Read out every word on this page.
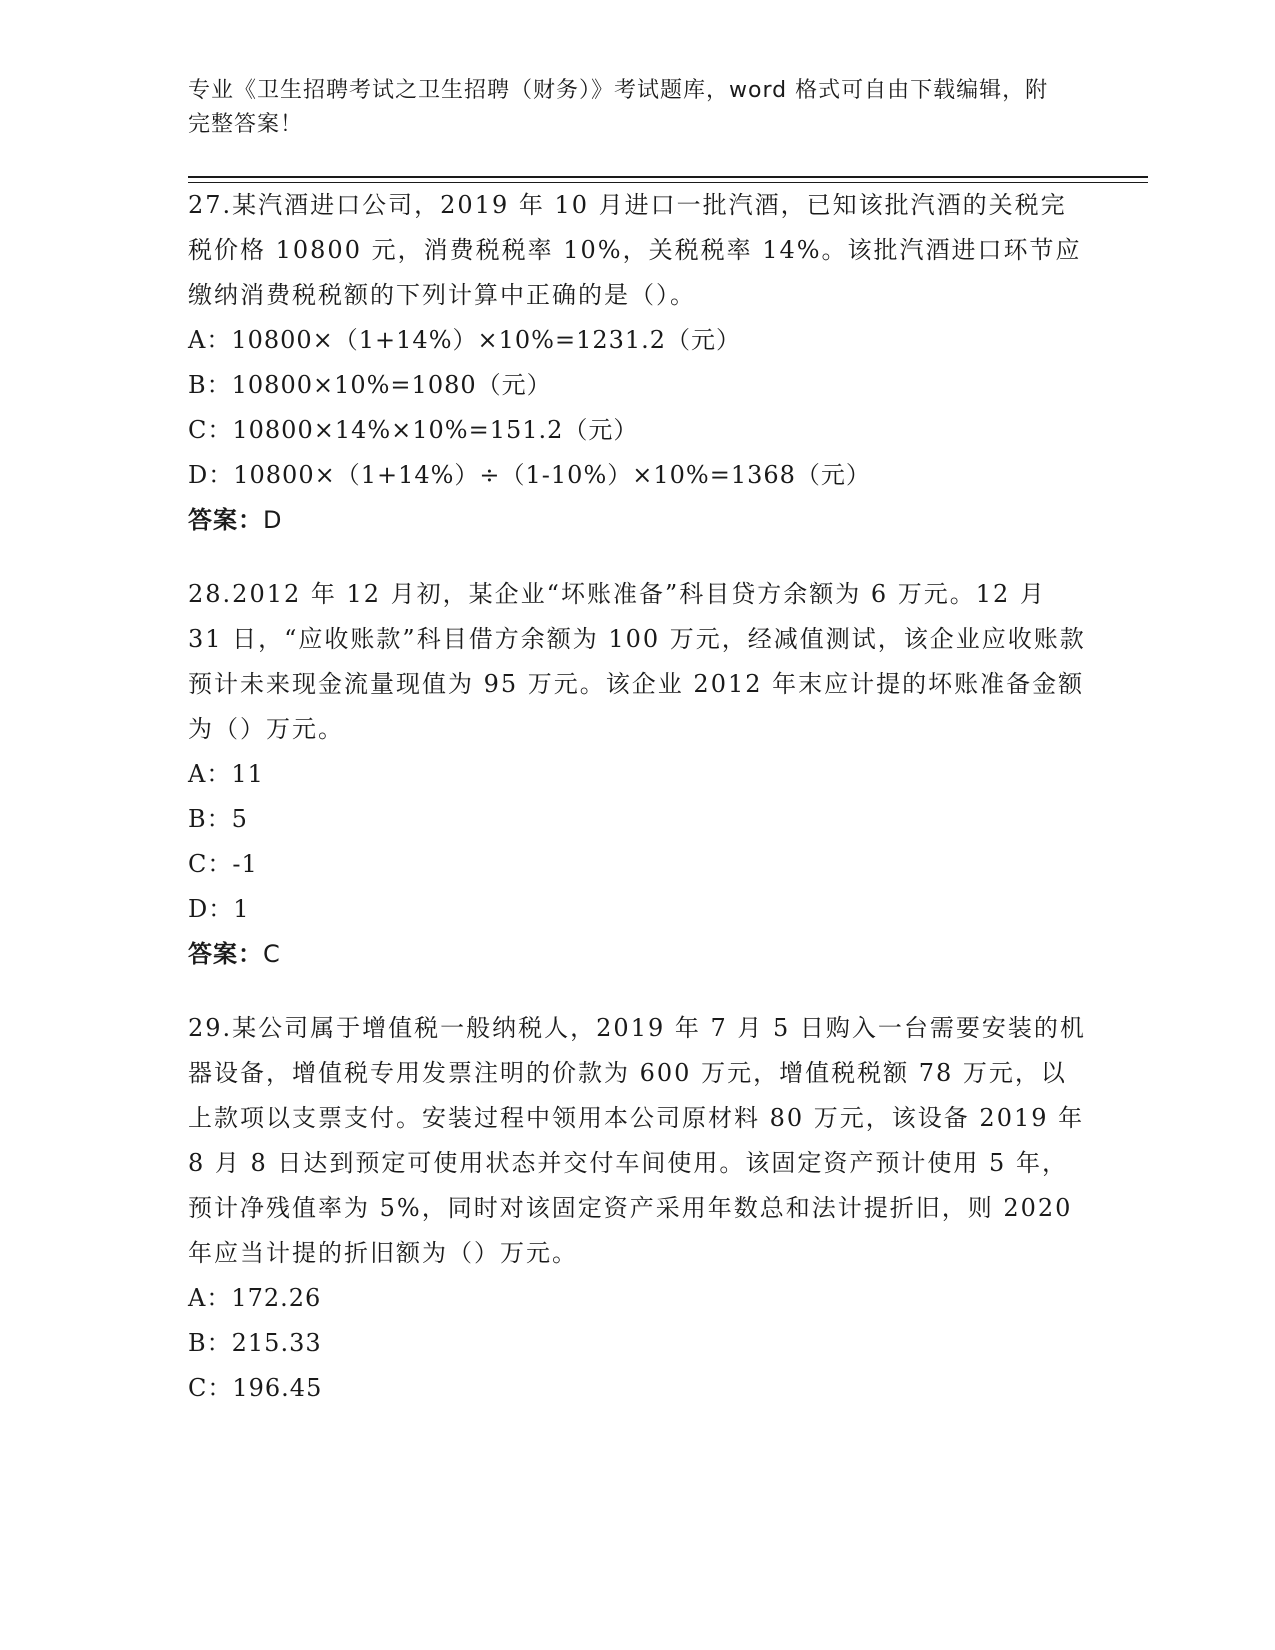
专业《卫生招聘考试之卫生招聘（财务）》考试题库，word 格式可自由下载编辑，附完整答案！

27.某汽酒进口公司，2019 年 10 月进口一批汽酒，已知该批汽酒的关税完税价格 10800 元，消费税税率 10%，关税税率 14%。该批汽酒进口环节应缴纳消费税税额的下列计算中正确的是（）。

A：10800×（1+14%）×10%=1231.2（元）

B：10800×10%=1080（元）

C：10800×14%×10%=151.2（元）

D：10800×（1+14%）÷（1-10%）×10%=1368（元）

答案：D

28.2012 年 12 月初，某企业“坏账准备”科目贷方余额为 6 万元。12 月 31 日，“应收账款”科目借方余额为 100 万元，经减值测试，该企业应收账款预计未来现金流量现值为 95 万元。该企业 2012 年末应计提的坏账准备金额为（）万元。

A：11

B：5

C：-1

D：1

答案：C

29.某公司属于增值税一般纳税人，2019 年 7 月 5 日购入一台需要安装的机器设备，增值税专用发票注明的价款为 600 万元，增值税税额 78 万元，以上款项以支票支付。安装过程中领用本公司原材料 80 万元，该设备 2019 年 8 月 8 日达到预定可使用状态并交付车间使用。该固定资产预计使用 5 年，预计净残值率为 5%，同时对该固定资产采用年数总和法计提折旧，则 2020 年应当计提的折旧额为（）万元。

A：172.26

B：215.33

C：196.45
